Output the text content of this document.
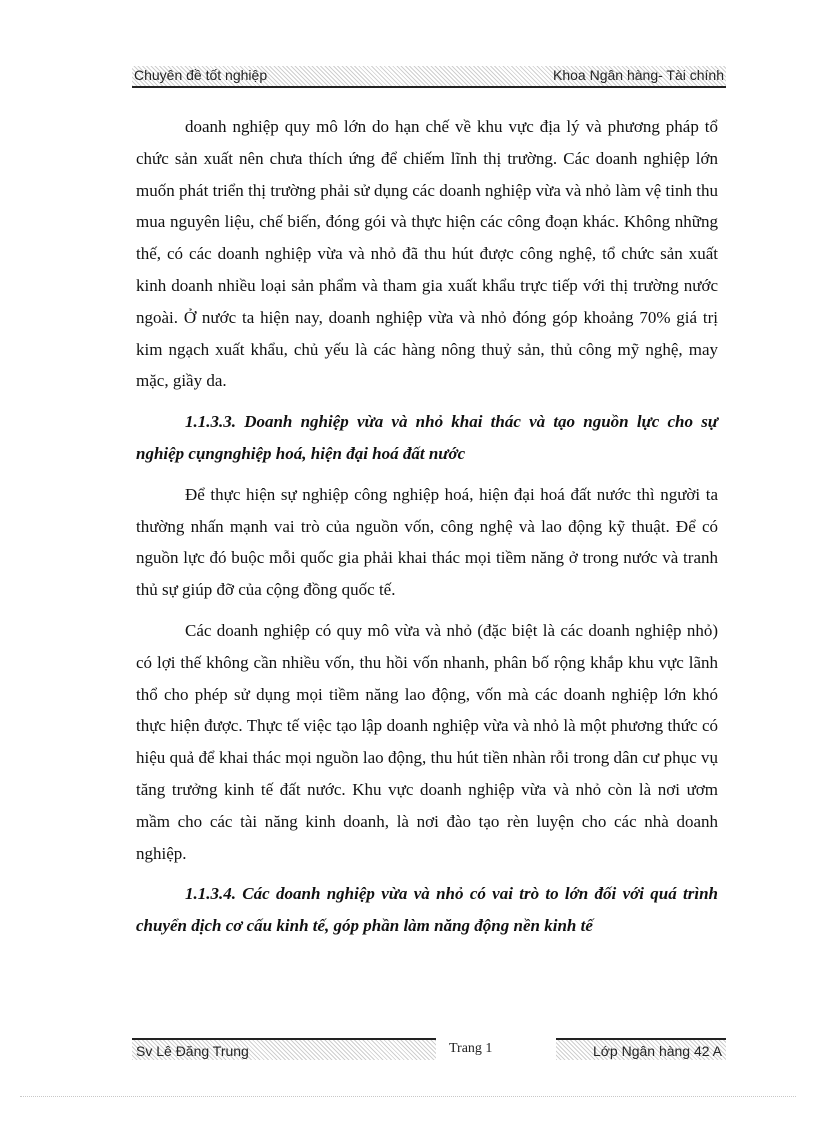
Chuyên đề tốt nghiệp	Khoa Ngân hàng- Tài chính

doanh nghiệp quy mô lớn do hạn chế về khu vực địa lý và phương pháp tổ chức sản xuất nên chưa thích ứng để chiếm lĩnh thị trường. Các doanh nghiệp lớn muốn phát triển thị trường phải sử dụng các doanh nghiệp vừa và nhỏ làm vệ tinh thu mua nguyên liệu, chế biến, đóng gói và thực hiện các công đoạn khác. Không những thế, có các doanh nghiệp vừa và nhỏ đã thu hút được công nghệ, tổ chức sản xuất kinh doanh nhiều loại sản phẩm và tham gia xuất khẩu trực tiếp với thị trường nước ngoài. Ở nước ta hiện nay, doanh nghiệp vừa và nhỏ đóng góp khoảng 70% giá trị kim ngạch xuất khẩu, chủ yếu là các hàng nông thuỷ sản, thủ công mỹ nghệ, may mặc, giầy da.

1.1.3.3. Doanh nghiệp vừa và nhỏ khai thác và tạo nguồn lực cho sự nghiệp cụngnghiệp hoá, hiện đại hoá đất nước

Để thực hiện sự nghiệp công nghiệp hoá, hiện đại hoá đất nước thì người ta thường nhấn mạnh vai trò của nguồn vốn, công nghệ và lao động kỹ thuật. Để có nguồn lực đó buộc mỗi quốc gia phải khai thác mọi tiềm năng ở trong nước và tranh thủ sự giúp đỡ của cộng đồng quốc tế.

Các doanh nghiệp có quy mô vừa và nhỏ (đặc biệt là các doanh nghiệp nhỏ) có lợi thế không cần nhiều vốn, thu hồi vốn nhanh, phân bố rộng khắp khu vực lãnh thổ cho phép sử dụng mọi tiềm năng lao động, vốn mà các doanh nghiệp lớn khó thực hiện được. Thực tế việc tạo lập doanh nghiệp vừa và nhỏ là một phương thức có hiệu quả để khai thác mọi nguồn lao động, thu hút tiền nhàn rỗi trong dân cư phục vụ tăng trưởng kinh tế đất nước. Khu vực doanh nghiệp vừa và nhỏ còn là nơi ươm mầm cho các tài năng kinh doanh, là nơi đào tạo rèn luyện cho các nhà doanh nghiệp.

1.1.3.4. Các doanh nghiệp vừa và nhỏ có vai trò to lớn đối với quá trình chuyển dịch cơ cấu kinh tế, góp phần làm năng động nền kinh tế

Sv Lê Đăng Trung	Trang 1	Lớp Ngân hàng 42 A
